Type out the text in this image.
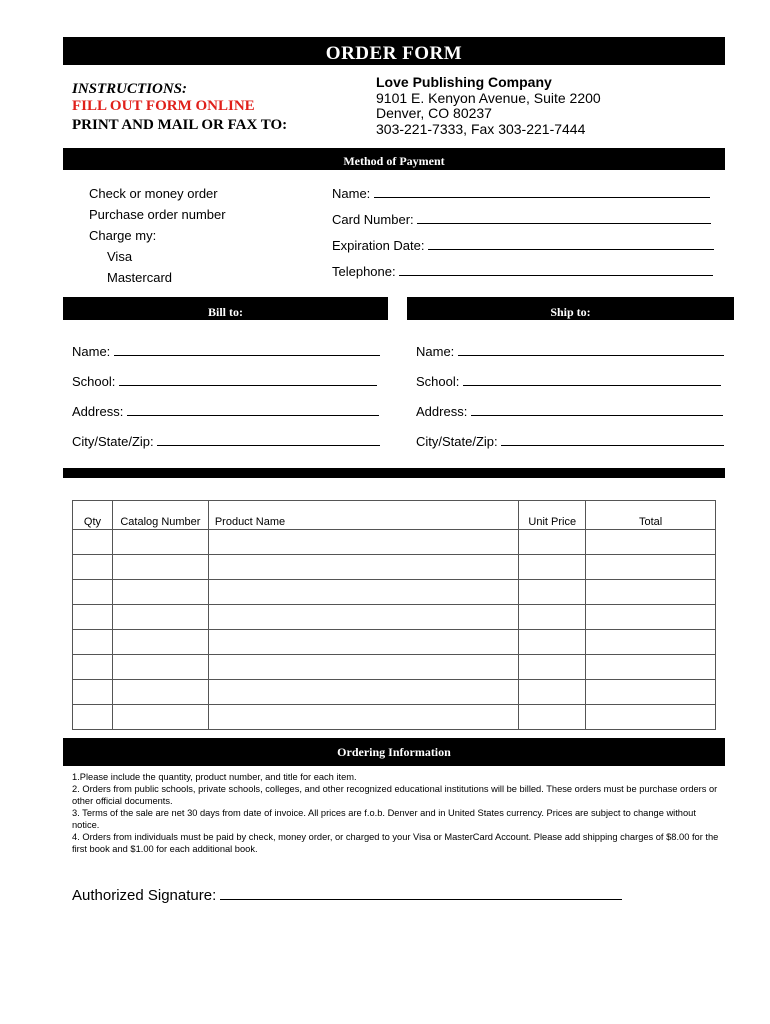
ORDER FORM
INSTRUCTIONS:
FILL OUT FORM ONLINE
PRINT AND MAIL OR FAX TO:
Love Publishing Company
9101 E. Kenyon Avenue, Suite 2200
Denver, CO 80237
303-221-7333, Fax 303-221-7444
Method of Payment
Check or money order
Purchase order number
Charge my:
Visa
Mastercard
Name:
Card Number:
Expiration Date:
Telephone:
Bill to:	Ship to:
Name:
School:
Address:
City/State/Zip:
Name:
School:
Address:
City/State/Zip:
Qty	Catalog Number	Product Name	Unit Price	Total

Ordering Information
1.Please include the quantity, product number, and title for each item.
2. Orders from public schools, private schools, colleges, and other recognized educational institutions will be billed. These orders must be purchase orders or other official documents.
3. Terms of the sale are net 30 days from date of invoice. All prices are f.o.b. Denver and in United States currency. Prices are subject to change without notice.
4. Orders from individuals must be paid by check, money order, or charged to your Visa or MasterCard Account. Please add shipping charges of $8.00 for the first book and $1.00 for each additional book.
Authorized Signature:
